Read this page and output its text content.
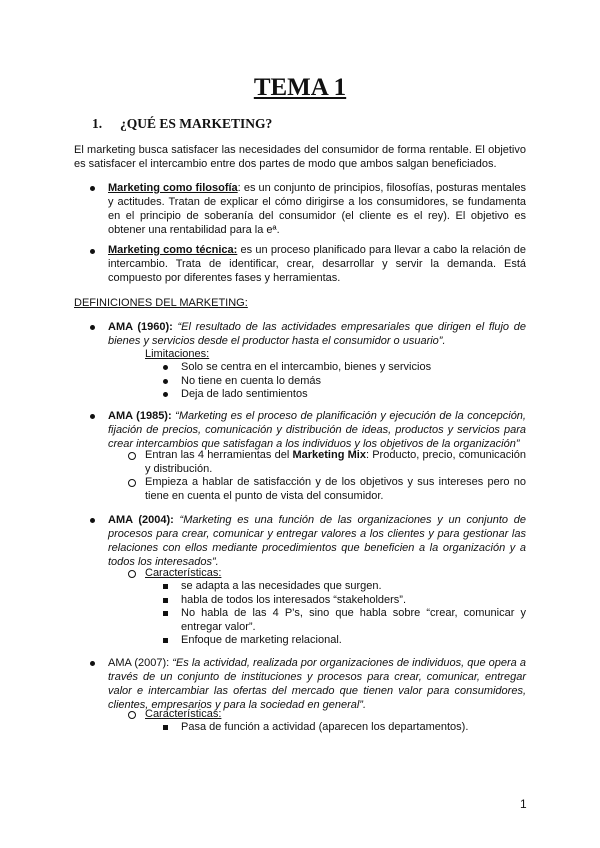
TEMA 1
1. ¿QUÉ ES MARKETING?
El marketing busca satisfacer las necesidades del consumidor de forma rentable. El objetivo es satisfacer el intercambio entre dos partes de modo que ambos salgan beneficiados.
Marketing como filosofía: es un conjunto de principios, filosofías, posturas mentales y actitudes. Tratan de explicar el cómo dirigirse a los consumidores, se fundamenta en el principio de soberanía del consumidor (el cliente es el rey). El objetivo es obtener una rentabilidad para la eª.
Marketing como técnica: es un proceso planificado para llevar a cabo la relación de intercambio. Trata de identificar, crear, desarrollar y servir la demanda. Está compuesto por diferentes fases y herramientas.
DEFINICIONES DEL MARKETING:
AMA (1960): “El resultado de las actividades empresariales que dirigen el flujo de bienes y servicios desde el productor hasta el consumidor o usuario”.
Limitaciones:
Solo se centra en el intercambio, bienes y servicios
No tiene en cuenta lo demás
Deja de lado sentimientos
AMA (1985): “Marketing es el proceso de planificación y ejecución de la concepción, fijación de precios, comunicación y distribución de ideas, productos y servicios para crear intercambios que satisfagan a los individuos y los objetivos de la organización”
Entran las 4 herramientas del Marketing Mix: Producto, precio, comunicación y distribución.
Empieza a hablar de satisfacción y de los objetivos y sus intereses pero no tiene en cuenta el punto de vista del consumidor.
AMA (2004): “Marketing es una función de las organizaciones y un conjunto de procesos para crear, comunicar y entregar valores a los clientes y para gestionar las relaciones con ellos mediante procedimientos que beneficien a la organización y a todos los interesados”.
Características:
se adapta a las necesidades que surgen.
habla de todos los interesados “stakeholders”.
No habla de las 4 P’s, sino que habla sobre “crear, comunicar y entregar valor”.
Enfoque de marketing relacional.
AMA (2007): “Es la actividad, realizada por organizaciones de individuos, que opera a través de un conjunto de instituciones y procesos para crear, comunicar, entregar valor e intercambiar las ofertas del mercado que tienen valor para consumidores, clientes, empresarios y para la sociedad en general”.
Características:
Pasa de función a actividad (aparecen los departamentos).
1
